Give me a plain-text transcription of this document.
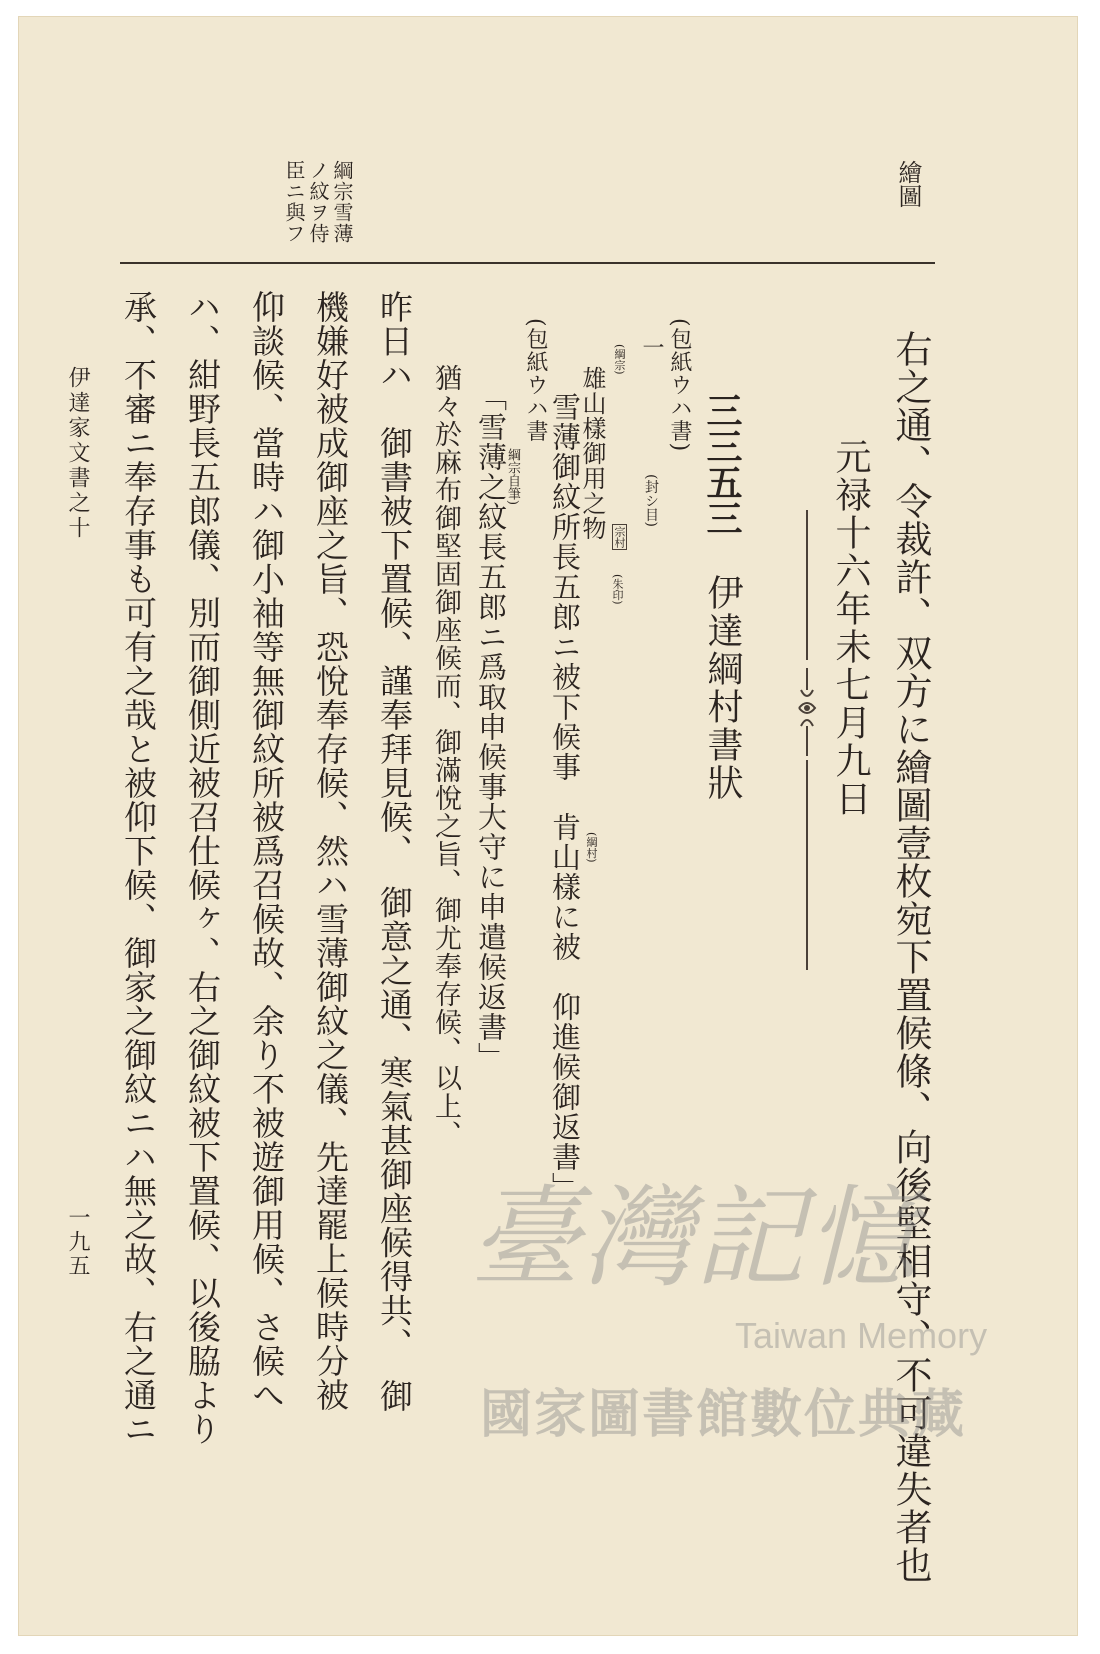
繪圖
綱宗雪薄ノ紋ヲ侍臣ニ與フ
右之通、令裁許、双方に繪圖壹枚宛下置候條、向後堅相守、不可違失者也
元禄十六年未七月九日
三三五三
伊達綱村書狀
(包紙ウハ書)
(封シ目)
一
宗村
(朱印)
(綱宗)
雄山樣御用之物
雪薄御紋所長五郎ニ被下候事　肯山樣に被　仰進候御返書」 (綱村)
(包紙ウハ書
綱宗自筆)
「雪薄之紋長五郎ニ爲取申候事大守に申遣候返書」
猶々於麻布御堅固御座候而、御滿悅之旨、御尤奉存候、以上、
昨日ハ　御書被下置候、謹奉拜見候、　御意之通、寒氣甚御座候得共、　御
機嫌好被成御座之旨、恐悅奉存候、然ハ雪薄御紋之儀、先達罷上候時分被
仰談候、當時ハ御小袖等無御紋所被爲召候故、余り不被遊御用候、さ候へ
ハ、紺野長五郎儀、別而御側近被召仕候ヶ、右之御紋被下置候、以後脇より
承、不審ニ奉存事も可有之哉と被仰下候、御家之御紋ニハ無之故、右之通ニ
伊達家文書之十
一九五	臺灣記憶
Taiwan Memory
國家圖書館數位典藏
